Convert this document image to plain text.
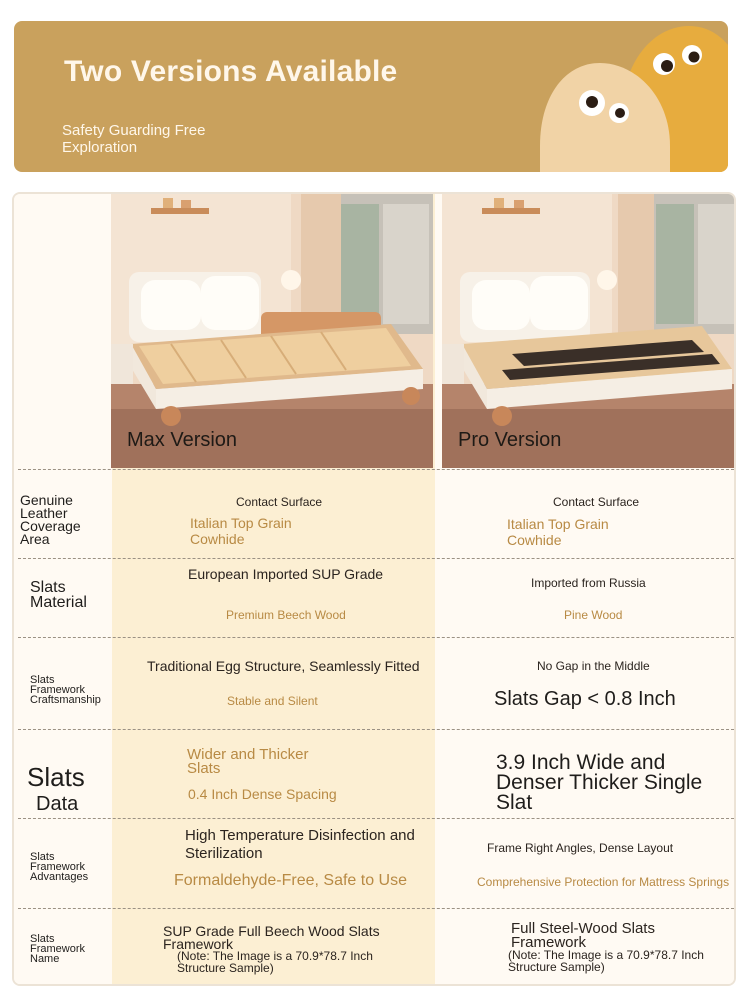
Two Versions Available
Safety Guarding Free Exploration
Max Version	Pro Version
Genuine Leather Coverage Area
Contact Surface
Italian Top Grain Cowhide
Contact Surface
Italian Top Grain Cowhide
Slats Material
European Imported SUP Grade
Premium Beech Wood
Imported from Russia
Pine Wood
Slats Framework Craftsmanship
Traditional Egg Structure, Seamlessly Fitted
Stable and Silent
No Gap in the Middle
Slats Gap < 0.8 Inch
Slats
Data
Wider and Thicker Slats
0.4 Inch Dense Spacing
3.9 Inch Wide and Denser Thicker Single Slat
Slats Framework Advantages
High Temperature Disinfection and Sterilization
Formaldehyde-Free, Safe to Use
Frame Right Angles, Dense Layout
Comprehensive Protection for Mattress Springs
Slats Framework Name
SUP Grade Full Beech Wood Slats Framework
(Note: The Image is a 70.9*78.7 Inch Structure Sample)
Full Steel-Wood Slats Framework
(Note: The Image is a 70.9*78.7 Inch Structure Sample)
